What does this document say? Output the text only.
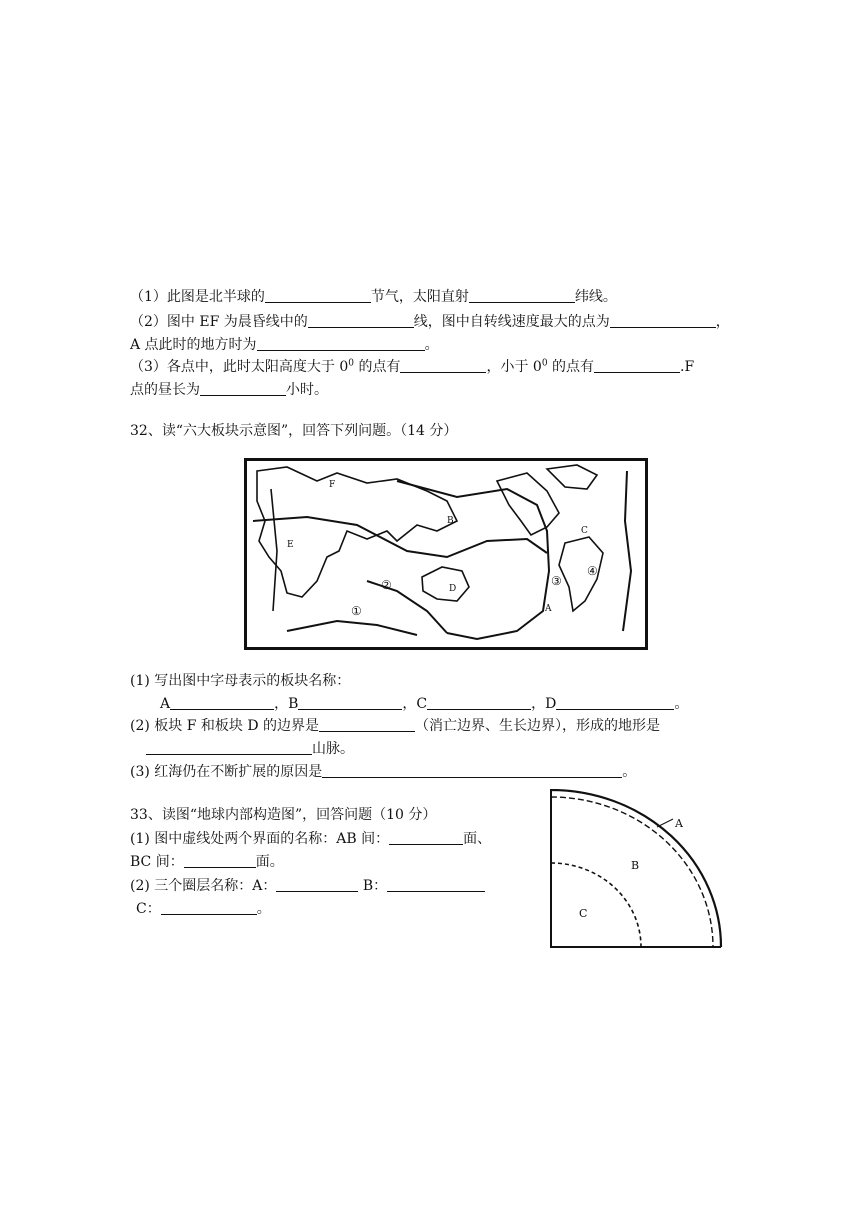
（1）此图是北半球的	节气，太阳直射	纬线。
（2）图中 EF 为晨昏线中的	线，图中自转线速度最大的点为	，
A 点此时的地方时为	。
（3）各点中，此时太阳高度大于 $0^0$ 的点有	，小于 $0^0$ 的点有	.F
点的昼长为	小时。
32、读“六大板块示意图”，回答下列问题。（14 分）
F
B
C
E
D
A
①
②	③
④
(1) 写出图中字母表示的板块名称：
A	，B	，C	，D	。
(2) 板块 F 和板块 D 的边界是	（消亡边界、生长边界），形成的地形是
山脉。
(3) 红海仍在不断扩展的原因是	。
33、读图“地球内部构造图”，回答问题（10 分）
(1) 图中虚线处两个界面的名称：AB 间：	面、
BC 间：	面。
(2) 三个圈层名称：A：	B：
C：	。
A
B
C
